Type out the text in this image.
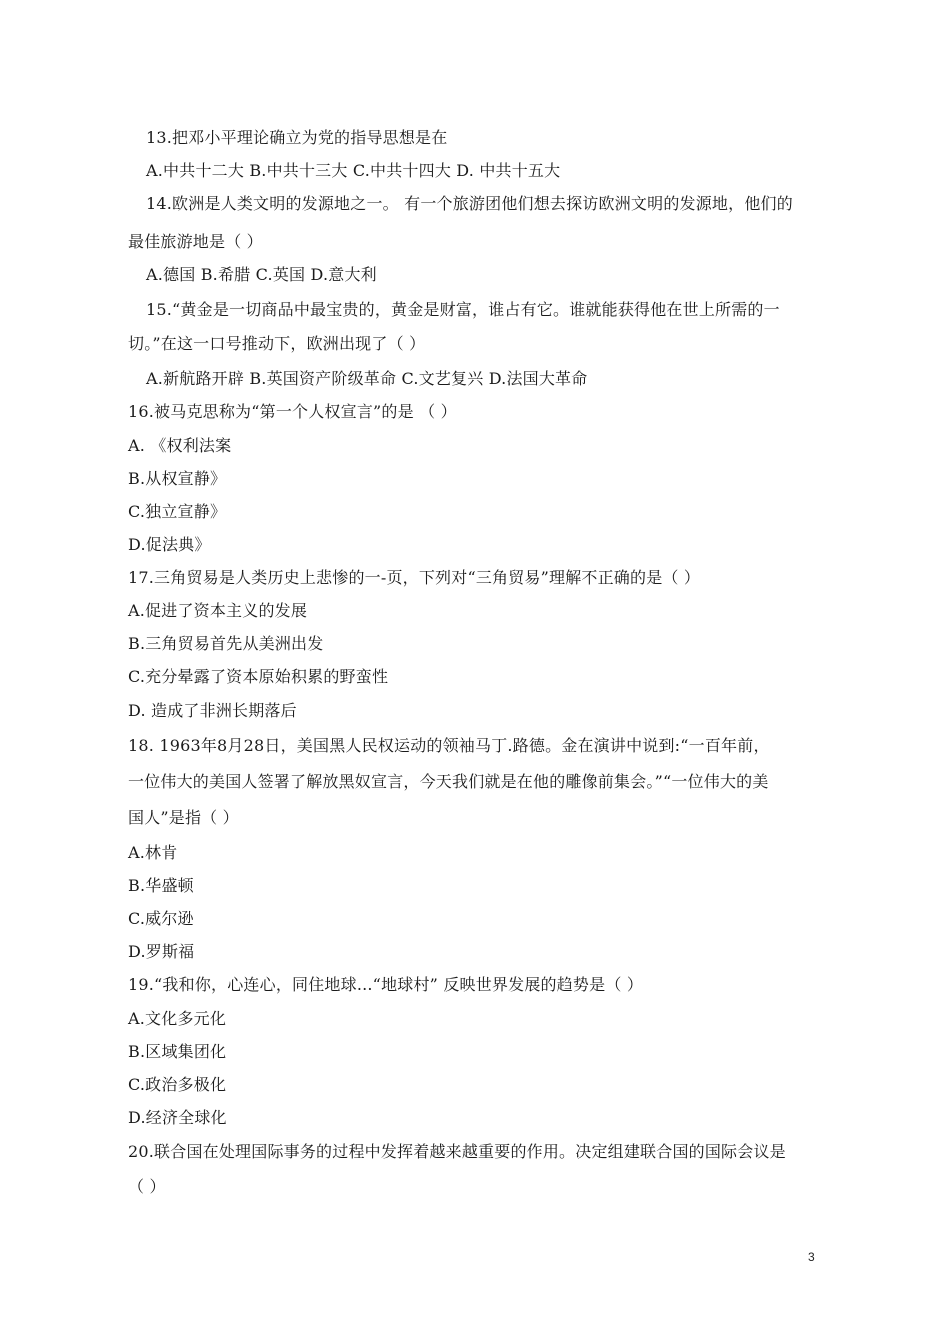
13.把邓小平理论确立为党的指导思想是在
A.中共十二大 B.中共十三大 C.中共十四大 D. 中共十五大
14.欧洲是人类文明的发源地之一。 有一个旅游团他们想去探访欧洲文明的发源地，他们的
最佳旅游地是（ ）
A.德国 B.希腊 C.英国 D.意大利
15.“黄金是一切商品中最宝贵的，黄金是财富，谁占有它。谁就能获得他在世上所需的一
切。”在这一口号推动下，欧洲出现了（ ）
A.新航路开辟 B.英国资产阶级革命 C.文艺复兴 D.法国大革命
16.被马克思称为“第一个人权宣言”的是 （ ）
A. 《权利法案
B.从权宣静》
C.独立宣静》
D.促法典》
17.三角贸易是人类历史上悲惨的一-页，下列对“三角贸易”理解不正确的是（ ）
A.促进了资本主义的发展
B.三角贸易首先从美洲出发
C.充分晕露了资本原始积累的野蛮性
D. 造成了非洲长期落后
18. 1963年8月28日，美国黑人民权运动的领袖马丁.路德。金在演讲中说到:“一百年前，
一位伟大的美国人签署了解放黑奴宣言，今天我们就是在他的雕像前集会。”“一位伟大的美
国人”是指（ ）
A.林肯
B.华盛顿
C.威尔逊
D.罗斯福
19.“我和你，心连心，同住地球...“地球村” 反映世界发展的趋势是（ ）
A.文化多元化
B.区域集团化
C.政治多极化
D.经济全球化
20.联合国在处理国际事务的过程中发挥着越来越重要的作用。决定组建联合国的国际会议是
（ ）
3
